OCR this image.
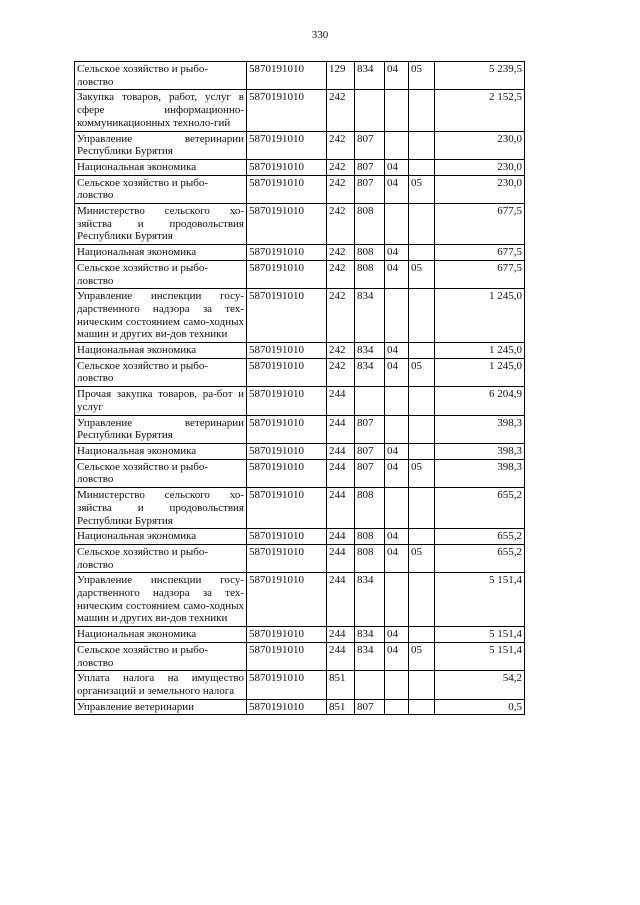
330
Сельское хозяйство и рыбо-
ловство	5870191010	129	834	04	05	5 239,5
Закупка товаров, работ, услуг в сфере информационно-коммуникационных техноло-гий	5870191010	242				2 152,5
Управление ветеринарии Республики Бурятия	5870191010	242	807			230,0
Национальная экономика	5870191010	242	807	04		230,0
Сельское хозяйство и рыбо-
ловство	5870191010	242	807	04	05	230,0
Министерство сельского хо-зяйства и продовольствия Республики Бурятия	5870191010	242	808			677,5
Национальная экономика	5870191010	242	808	04		677,5
Сельское хозяйство и рыбо-
ловство	5870191010	242	808	04	05	677,5
Управление инспекции госу-дарственного надзора за тех-ническим состоянием само-ходных машин и других ви-дов техники	5870191010	242	834			1 245,0
Национальная экономика	5870191010	242	834	04		1 245,0
Сельское хозяйство и рыбо-
ловство	5870191010	242	834	04	05	1 245,0
Прочая закупка товаров, ра-бот и услуг	5870191010	244				6 204,9
Управление ветеринарии Республики Бурятия	5870191010	244	807			398,3
Национальная экономика	5870191010	244	807	04		398,3
Сельское хозяйство и рыбо-
ловство	5870191010	244	807	04	05	398,3
Министерство сельского хо-зяйства и продовольствия Республики Бурятия	5870191010	244	808			655,2
Национальная экономика	5870191010	244	808	04		655,2
Сельское хозяйство и рыбо-
ловство	5870191010	244	808	04	05	655,2
Управление инспекции госу-дарственного надзора за тех-ническим состоянием само-ходных машин и других ви-дов техники	5870191010	244	834			5 151,4
Национальная экономика	5870191010	244	834	04		5 151,4
Сельское хозяйство и рыбо-
ловство	5870191010	244	834	04	05	5 151,4
Уплата налога на имущество организаций и земельного налога	5870191010	851				54,2
Управление ветеринарии	5870191010	851	807			0,5
